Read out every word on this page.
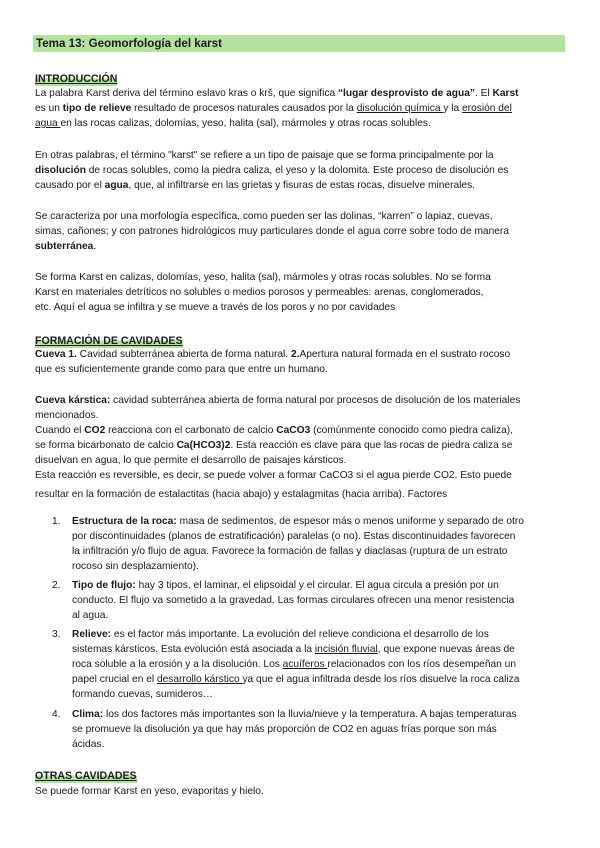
Tema 13: Geomorfología del karst
INTRODUCCIÓN
La palabra Karst deriva del término eslavo kras o krš, que significa “lugar desprovisto de agua”. El Karst
es un tipo de relieve resultado de procesos naturales causados por la disolución química y la erosión del
agua en las rocas calizas, dolomías, yeso, halita (sal), mármoles y otras rocas solubles.
En otras palabras, el término "karst" se refiere a un tipo de paisaje que se forma principalmente por la
disolución de rocas solubles, como la piedra caliza, el yeso y la dolomita. Este proceso de disolución es
causado por el agua, que, al infiltrarse en las grietas y fisuras de estas rocas, disuelve minerales.
Se caracteriza por una morfología específica, como pueden ser las dolinas, “karren” o lapiaz, cuevas,
simas, cañones; y con patrones hidrológicos muy particulares donde el agua corre sobre todo de manera
subterránea.
Se forma Karst en calizas, dolomías, yeso, halita (sal), mármoles y otras rocas solubles. No se forma
Karst en materiales detríticos no solubles o medios porosos y permeables: arenas, conglomerados,
etc. Aquí el agua se infiltra y se mueve a través de los poros y no por cavidades
FORMACIÓN DE CAVIDADES
Cueva 1. Cavidad subterránea abierta de forma natural. 2.Apertura natural formada en el sustrato rocoso
que es suficientemente grande como para que entre un humano.
Cueva kárstica: cavidad subterránea abierta de forma natural por procesos de disolución de los materiales
mencionados.
Cuando el CO2 reacciona con el carbonato de calcio CaCO3 (comúnmente conocido como piedra caliza),
se forma bicarbonato de calcio Ca(HCO3)2. Esta reacción es clave para que las rocas de piedra caliza se
disuelvan en agua, lo que permite el desarrollo de paisajes kársticos.
Esta reacción es reversible, es decir, se puede volver a formar CaCO3 si el agua pierde CO2. Esto puede
resultar en la formación de estalactitas (hacia abajo) y estalagmitas (hacia arriba). Factores
1.	Estructura de la roca: masa de sedimentos, de espesor más o menos uniforme y separado de otro
por discontinuidades (planos de estratificación) paralelas (o no). Estas discontinuidades favorecen
la infiltración y/o flujo de agua. Favorece la formación de fallas y diaclasas (ruptura de un estrato
rocoso sin desplazamiento).
2.	Tipo de flujo: hay 3 tipos, el laminar, el elipsoidal y el circular. El agua circula a presión por un
conducto. El flujo va sometido a la gravedad. Las formas circulares ofrecen una menor resistencia
al agua.
3.	Relieve: es el factor más importante. La evolución del relieve condiciona el desarrollo de los
sistemas kársticos. Esta evolución está asociada a la incisión fluvial, que expone nuevas áreas de
roca soluble a la erosión y a la disolución. Los acuíferos relacionados con los ríos desempeñan un
papel crucial en el desarrollo kárstico ya que el agua infiltrada desde los ríos disuelve la roca caliza
formando cuevas, sumideros…
4.	Clima: los dos factores más importantes son la lluvia/nieve y la temperatura. A bajas temperaturas
se promueve la disolución ya que hay más proporción de CO2 en aguas frías porque son más
ácidas.
OTRAS CAVIDADES
Se puede formar Karst en yeso, evaporitas y hielo.
